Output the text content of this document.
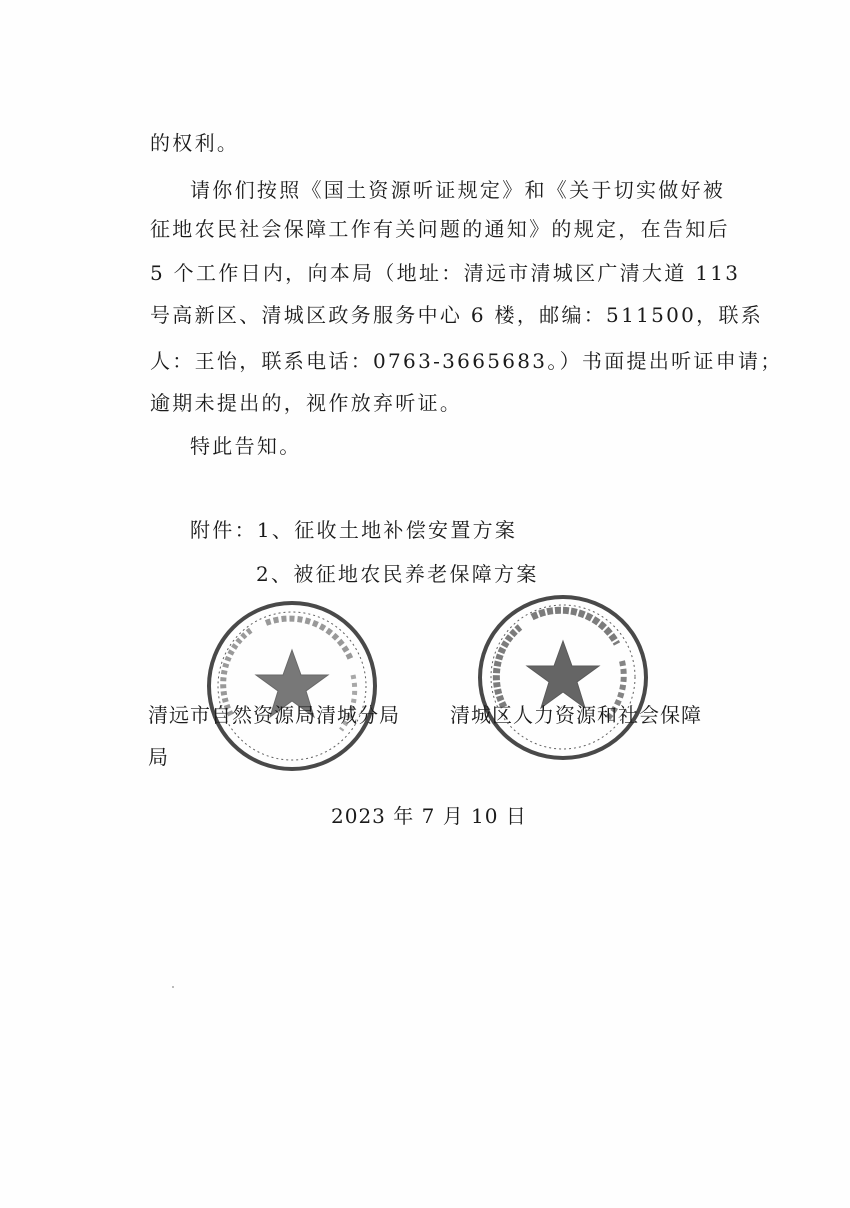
的权利。
请你们按照《国土资源听证规定》和《关于切实做好被
征地农民社会保障工作有关问题的通知》的规定，在告知后
5 个工作日内，向本局（地址：清远市清城区广清大道 113
号高新区、清城区政务服务中心 6 楼，邮编：511500，联系
人：王怡，联系电话：0763-3665683。）书面提出听证申请；
逾期未提出的，视作放弃听证。
特此告知。
附件：1、征收土地补偿安置方案
2、被征地农民养老保障方案
清远市自然资源局清城分局	清城区人力资源和社会保障
局
2023 年 7 月 10 日
